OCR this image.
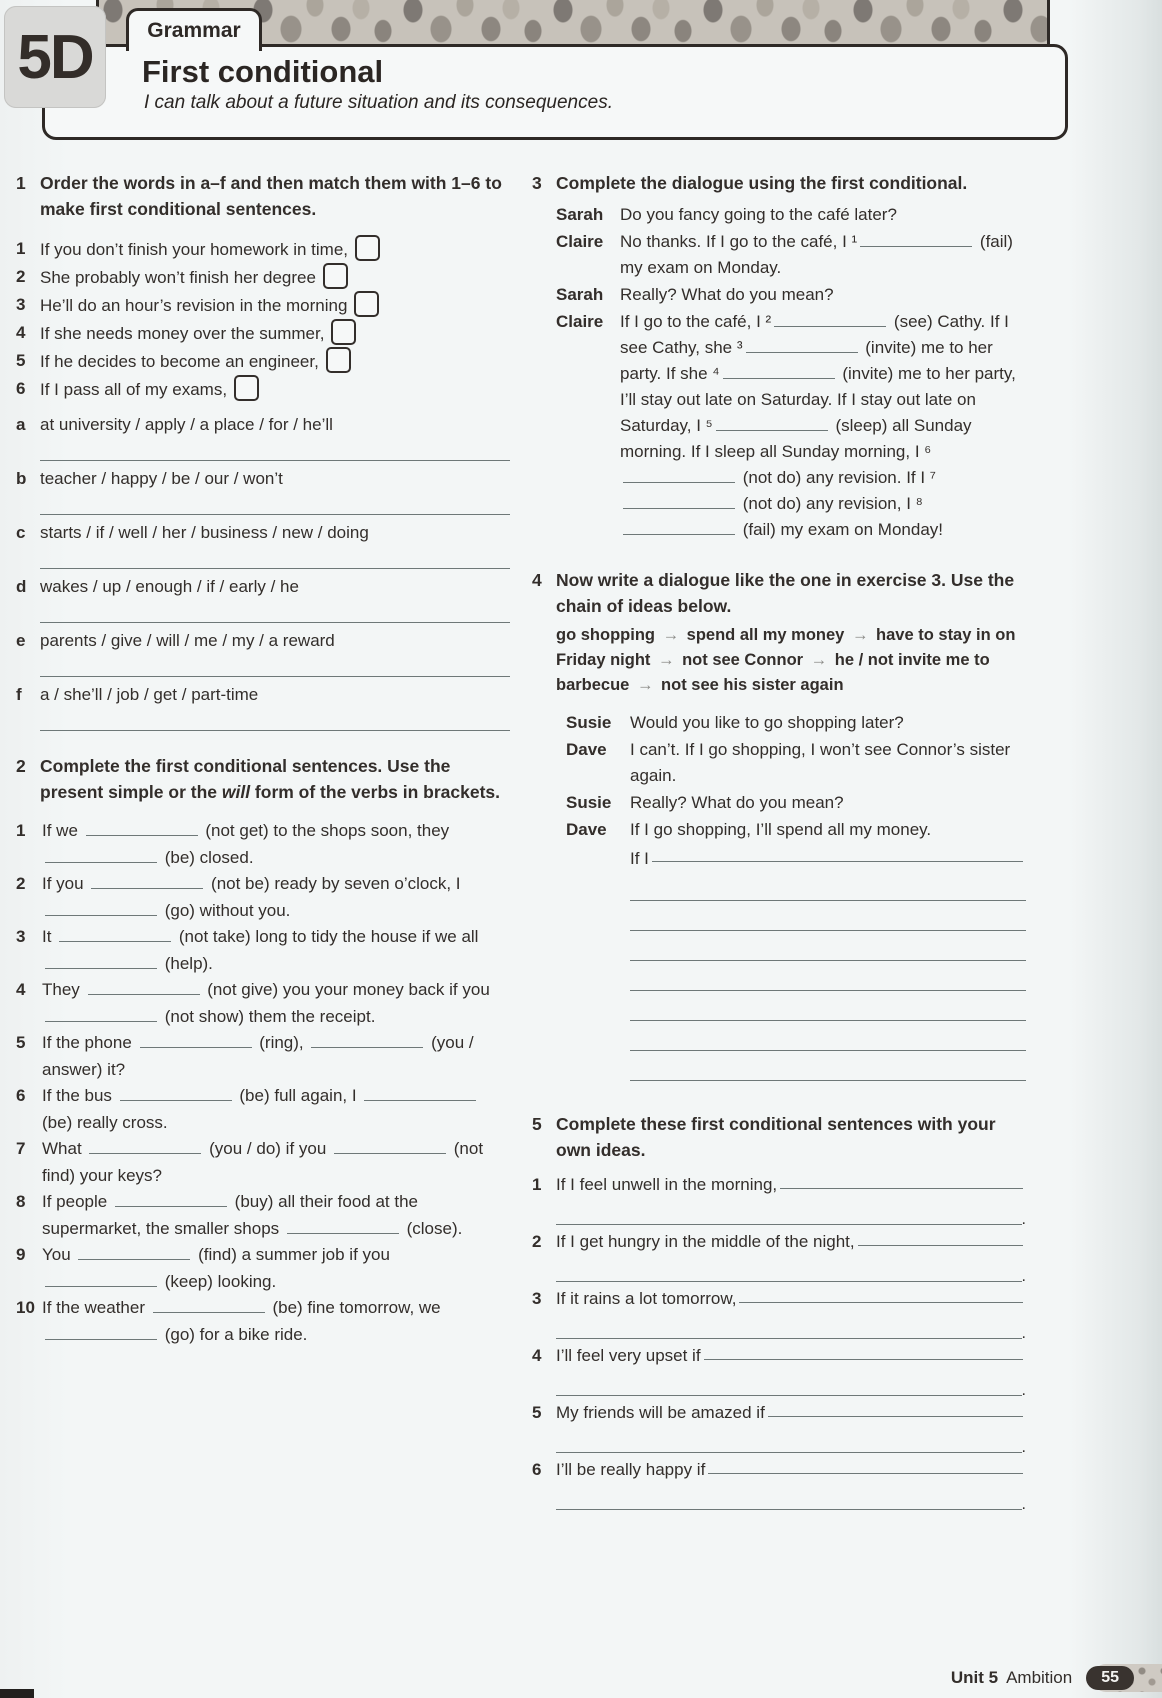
Grammar
5D First conditional
I can talk about a future situation and its consequences.
1 Order the words in a–f and then match them with 1–6 to make first conditional sentences.
1 If you don’t finish your homework in time,
2 She probably won’t finish her degree
3 He’ll do an hour’s revision in the morning
4 If she needs money over the summer,
5 If he decides to become an engineer,
6 If I pass all of my exams,
a at university / apply / a place / for / he’ll
b teacher / happy / be / our / won’t
c starts / if / well / her / business / new / doing
d wakes / up / enough / if / early / he
e parents / give / will / me / my / a reward
f	a / she’ll / job / get / part-time
2 Complete the first conditional sentences. Use the present simple or the will form of the verbs in brackets.
1 If we	(not get) to the shops soon, they  (be) closed.
2 If you	(not be) ready by seven o’clock, I  (go) without you.
3 It	(not take) long to tidy the house if we all  (help).
4 They	(not give) you your money back if you  (not show) them the receipt.
5 If the phone	(ring),	(you / answer) it?
6 If the bus	(be) full again, I  (be) really cross.
7 What	(you / do) if you	(not find) your keys?
8 If people	(buy) all their food at the supermarket, the smaller shops	(close).
9 You	(find) a summer job if you  (keep) looking.
10 If the weather	(be) fine tomorrow, we  (go) for a bike ride.
3 Complete the dialogue using the first conditional.
Sarah Do you fancy going to the café later?
Claire No thanks. If I go to the café, I ¹	(fail) my exam on Monday.
Sarah Really? What do you mean?
Claire If I go to the café, I ²	(see) Cathy. If I see Cathy, she ³	(invite) me to her party. If she ⁴	(invite) me to her party, I’ll stay out late on Saturday. If I stay out late on Saturday, I ⁵	(sleep) all Sunday morning. If I sleep all Sunday morning, I ⁶ (not do) any revision. If I ⁷ (not do) any revision, I ⁸ (fail) my exam on Monday!
4 Now write a dialogue like the one in exercise 3. Use the chain of ideas below.
go shopping → spend all my money → have to stay in on Friday night → not see Connor → he / not invite me to barbecue → not see his sister again
Susie	Would you like to go shopping later?
Dave	I can’t. If I go shopping, I won’t see Connor’s sister again.
Susie	Really? What do you mean?
Dave	If I go shopping, I’ll spend all my money.
If I
5 Complete these first conditional sentences with your own ideas.
1 If I feel unwell in the morning,
.
2 If I get hungry in the middle of the night,
.
3 If it rains a lot tomorrow,
.
4 I’ll feel very upset if
.
5 My friends will be amazed if
.
6 I’ll be really happy if
.
Unit 5 Ambition	55
